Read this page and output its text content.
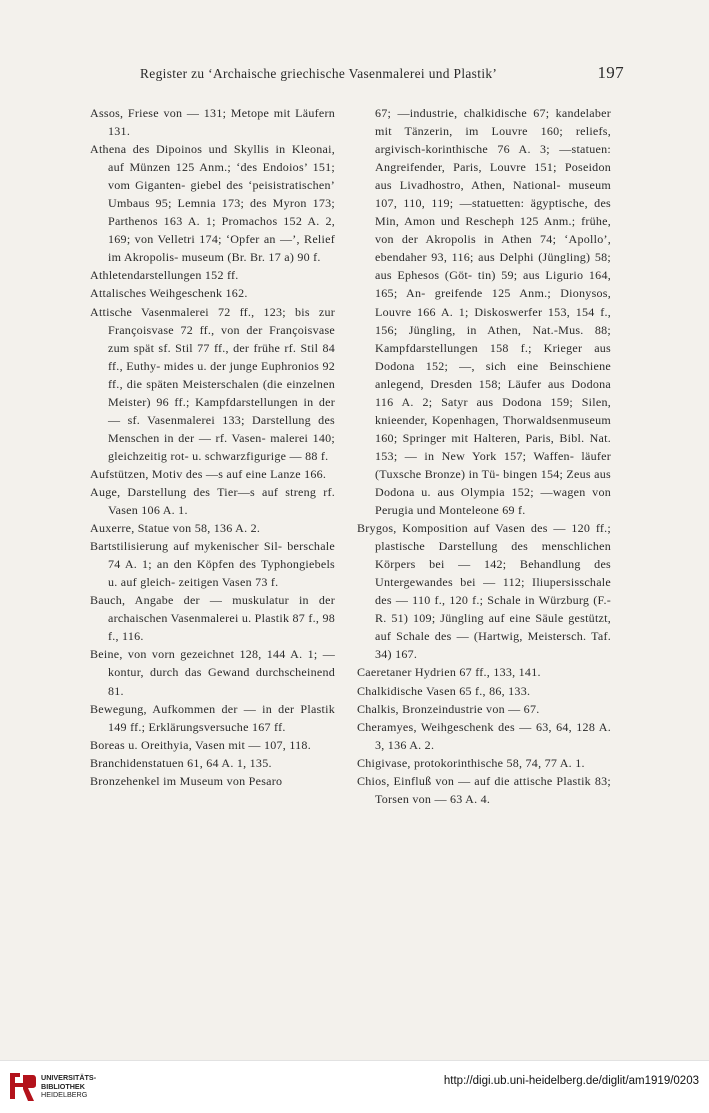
Register zu ‘Archaische griechische Vasenmalerei und Plastik’	197
Assos, Friese von — 131; Metope mit Läufern 131.
Athena des Dipoinos und Skyllis in Kleonai, auf Münzen 125 Anm.; ‘des Endoios’ 151; vom Giganten- giebel des ‘peisistratischen’ Umbaus 95; Lemnia 173; des Myron 173; Parthenos 163 A. 1; Promachos 152 A. 2, 169; von Velletri 174; ‘Opfer an —’, Relief im Akropolis- museum (Br. Br. 17 a) 90 f.
Athletendarstellungen 152 ff.
Attalisches Weihgeschenk 162.
Attische Vasenmalerei 72 ff., 123; bis zur Françoisvase 72 ff., von der Françoisvase zum spät sf. Stil 77 ff., der frühe rf. Stil 84 ff., Euthy- mides u. der junge Euphronios 92 ff., die späten Meisterschalen (die einzelnen Meister) 96 ff.; Kampfdarstellungen in der — sf. Vasenmalerei 133; Darstellung des Menschen in der — rf. Vasen- malerei 140; gleichzeitig rot- u. schwarzfigurige — 88 f.
Aufstützen, Motiv des —s auf eine Lanze 166.
Auge, Darstellung des Tier—s auf streng rf. Vasen 106 A. 1.
Auxerre, Statue von 58, 136 A. 2.
Bartstilisierung auf mykenischer Sil- berschale 74 A. 1; an den Köpfen des Typhongiebels u. auf gleich- zeitigen Vasen 73 f.
Bauch, Angabe der — muskulatur in der archaischen Vasenmalerei u. Plastik 87 f., 98 f., 116.
Beine, von vorn gezeichnet 128, 144 A. 1; — kontur, durch das Gewand durchscheinend 81.
Bewegung, Aufkommen der — in der Plastik 149 ff.; Erklärungsversuche 167 ff.
Boreas u. Oreithyia, Vasen mit — 107, 118.
Branchidenstatuen 61, 64 A. 1, 135.
Bronzehenkel im Museum von Pesaro
67; —industrie, chalkidische 67; kandelaber mit Tänzerin, im Louvre 160; reliefs, argivisch-korinthische 76 A. 3; —statuen: Angreifender, Paris, Louvre 151; Poseidon aus Livadhostro, Athen, National- museum 107, 110, 119; —statuetten: ägyptische, des Min, Amon und Rescheph 125 Anm.; frühe, von der Akropolis in Athen 74; ‘Apollo’, ebendaher 93, 116; aus Delphi (Jüngling) 58; aus Ephesos (Göt- tin) 59; aus Ligurio 164, 165; An- greifende 125 Anm.; Dionysos, Louvre 166 A. 1; Diskoswerfer 153, 154 f., 156; Jüngling, in Athen, Nat.-Mus. 88; Kampfdarstellungen 158 f.; Krieger aus Dodona 152; —, sich eine Beinschiene anlegend, Dresden 158; Läufer aus Dodona 116 A. 2; Satyr aus Dodona 159; Silen, knieender, Kopenhagen, Thorwaldsenmuseum 160; Springer mit Halteren, Paris, Bibl. Nat. 153; — in New York 157; Waffen- läufer (Tuxsche Bronze) in Tü- bingen 154; Zeus aus Dodona u. aus Olympia 152; —wagen von Perugia und Monteleone 69 f.
Brygos, Komposition auf Vasen des — 120 ff.; plastische Darstellung des menschlichen Körpers bei — 142; Behandlung des Untergewandes bei — 112; Iliupersisschale des — 110 f., 120 f.; Schale in Würzburg (F.-R. 51) 109; Jüngling auf eine Säule gestützt, auf Schale des — (Hartwig, Meistersch. Taf. 34) 167.
Caeretaner Hydrien 67 ff., 133, 141.
Chalkidische Vasen 65 f., 86, 133.
Chalkis, Bronzeindustrie von — 67.
Cheramyes, Weihgeschenk des — 63, 64, 128 A. 3, 136 A. 2.
Chigivase, protokorinthische 58, 74, 77 A. 1.
Chios, Einfluß von — auf die attische Plastik 83; Torsen von — 63 A. 4.
UNIVERSITÄTS-
BIBLIOTHEK
HEIDELBERG
http://digi.ub.uni-heidelberg.de/diglit/am1919/0203
